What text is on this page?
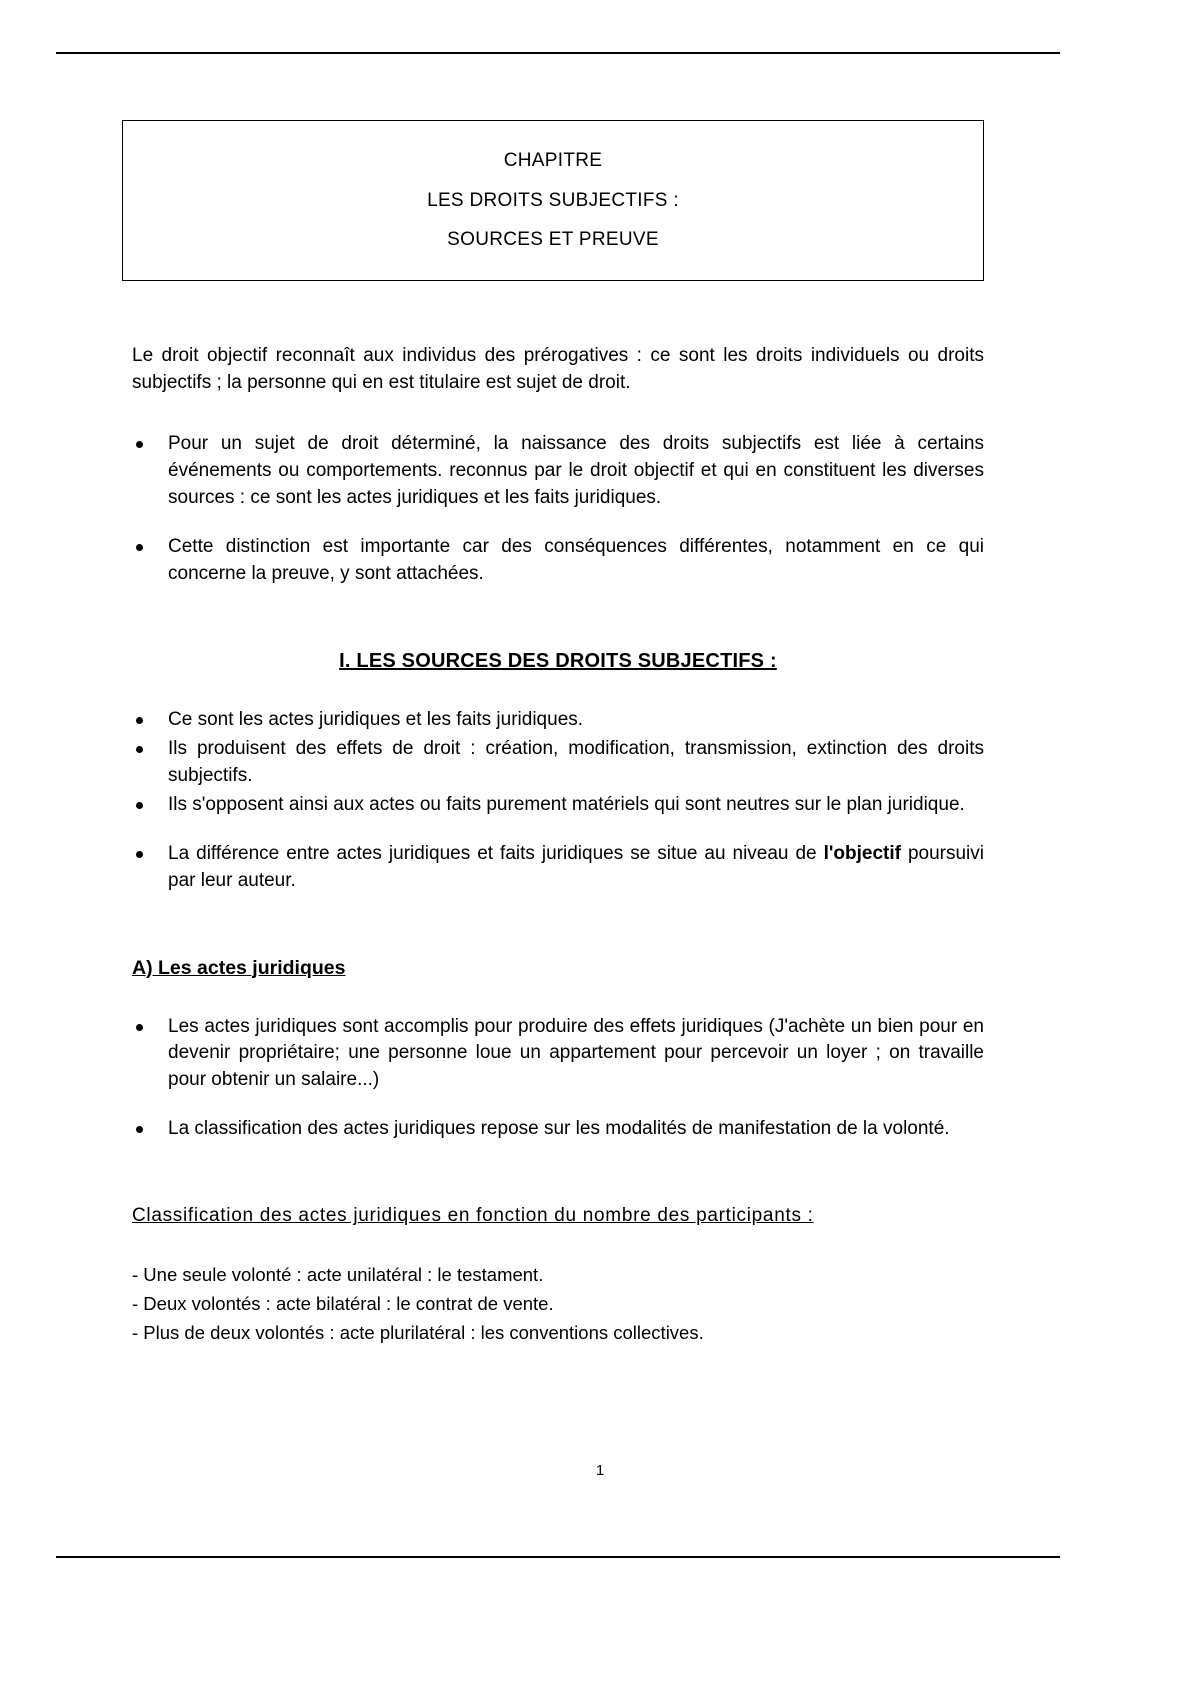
CHAPITRE
LES DROITS SUBJECTIFS :
SOURCES ET PREUVE

Le droit objectif reconnaît aux individus des prérogatives : ce sont les droits individuels ou droits subjectifs ; la personne qui en est titulaire est sujet de droit.

Pour un sujet de droit déterminé, la naissance des droits subjectifs est liée à certains événements ou comportements. reconnus par le droit objectif et qui en constituent les diverses sources : ce sont les actes juridiques et les faits juridiques.
Cette distinction est importante car des conséquences différentes, notamment en ce qui concerne la preuve, y sont attachées.
I. LES SOURCES DES DROITS SUBJECTIFS :
Ce sont les actes juridiques et les faits juridiques.
Ils produisent des effets de droit : création, modification, transmission, extinction des droits subjectifs.
Ils s'opposent ainsi aux actes ou faits purement matériels qui sont neutres sur le plan juridique.
La différence entre actes juridiques et faits juridiques se situe au niveau de l'objectif poursuivi par leur auteur.
A) Les actes juridiques
Les actes juridiques sont accomplis pour produire des effets juridiques (J'achète un bien pour en devenir propriétaire; une personne loue un appartement pour percevoir un loyer ; on travaille pour obtenir un salaire...)
La classification des actes juridiques repose sur les modalités de manifestation de la volonté.
Classification des actes juridiques en fonction du nombre des participants :
- Une seule volonté : acte unilatéral : le testament.
- Deux volontés : acte bilatéral : le contrat de vente.
- Plus de deux volontés : acte plurilatéral : les conventions collectives.
1
